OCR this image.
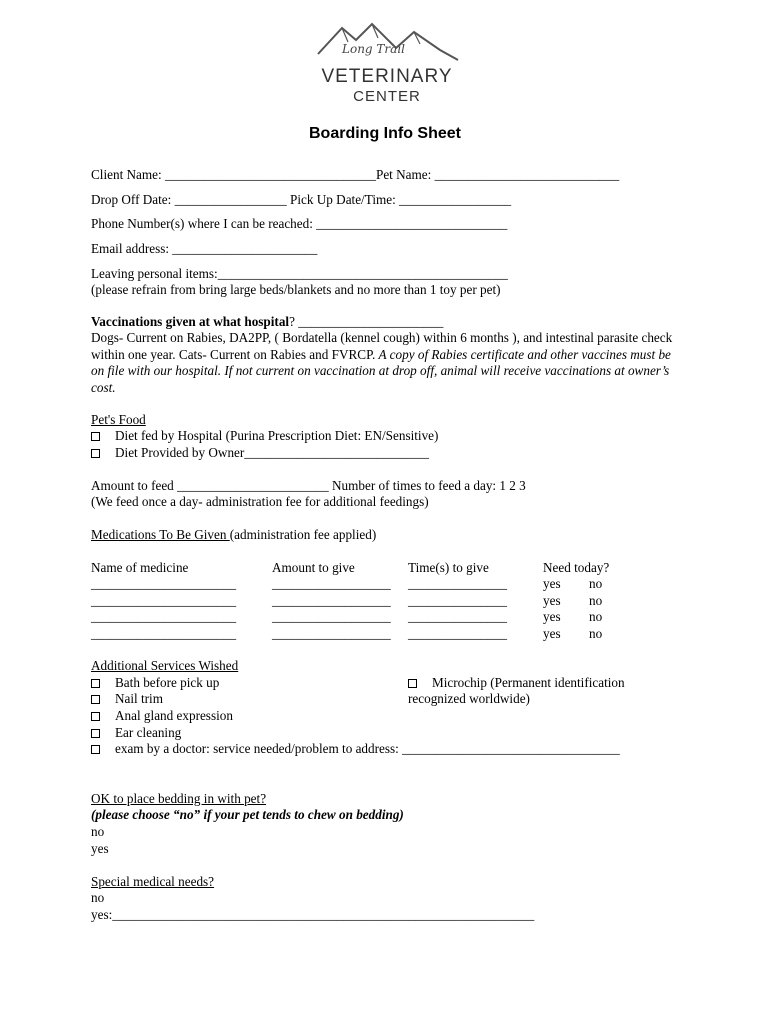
Long Trail
VETERINARY
CENTER
Boarding Info Sheet
Client Name: ________________________________Pet Name: ____________________________
Drop Off Date: _________________ Pick Up Date/Time: _________________
Phone Number(s) where I can be reached: _____________________________
Email address: ______________________
Leaving personal items:____________________________________________
(please refrain from bring large beds/blankets and no more than 1 toy per pet)
Vaccinations given at what hospital? ______________________
Dogs- Current on Rabies, DA2PP, ( Bordatella (kennel cough) within 6 months ), and intestinal parasite check within one year. Cats- Current on Rabies and FVRCP. A copy of Rabies certificate and other vaccines must be on file with our hospital. If not current on vaccination at drop off, animal will receive vaccinations at owner’s cost.
Pet's Food
Diet fed by Hospital (Purina Prescription Diet: EN/Sensitive)
Diet Provided by Owner____________________________
Amount to feed _______________________ Number of times to feed a day: 1 2 3
(We feed once a day- administration fee for additional feedings)
Medications To Be Given (administration fee applied)
Name of medicine	Amount to give	Time(s) to give	Need today?
______________________	__________________ _______________	yes no
______________________	__________________ _______________	yes no
______________________	__________________ _______________	yes no
______________________	__________________ _______________	yes no
Additional Services Wished
Bath before pick up
Nail trim
Anal gland expression
Ear cleaning
exam by a doctor: service needed/problem to address: _________________________________
Microchip (Permanent identification
recognized worldwide)
OK to place bedding in with pet?
(please choose “no” if your pet tends to chew on bedding)
no
yes
Special medical needs?
no
yes:________________________________________________________________
